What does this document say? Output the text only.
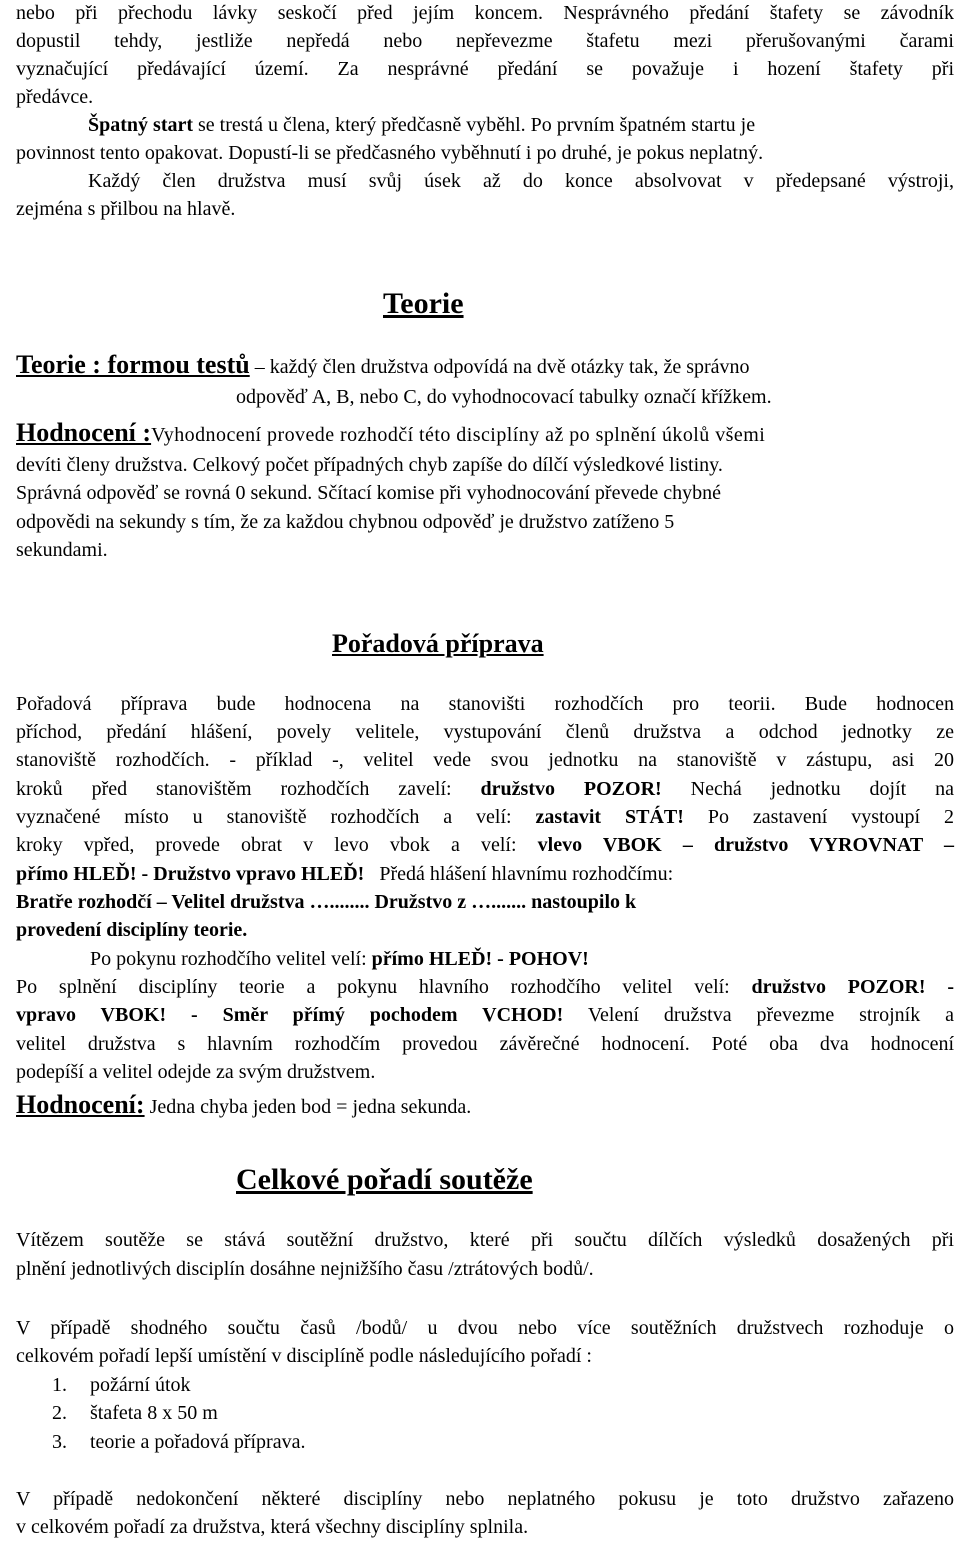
nebo při přechodu lávky seskočí před jejím koncem. Nesprávného předání štafety se závodník
dopustil tehdy, jestliže nepředá nebo nepřevezme štafetu mezi přerušovanými čarami
vyznačující předávající území. Za nesprávné předání se považuje i hození štafety při
předávce.
Špatný start se trestá u člena, který předčasně vyběhl. Po prvním špatném startu je
povinnost tento opakovat. Dopustí-li se předčasného vyběhnutí i po druhé, je pokus neplatný.
Každý člen družstva musí svůj úsek až do konce absolvovat v předepsané výstroji,
zejména s přilbou na hlavě.
Teorie
Teorie : formou testů – každý člen družstva odpovídá na dvě otázky tak, že správno
odpověď A, B, nebo C, do vyhodnocovací tabulky označí křížkem.
Hodnocení :Vyhodnocení provede rozhodčí této disciplíny až po splnění úkolů všemi
devíti členy družstva. Celkový počet případných chyb zapíše do dílčí výsledkové listiny.
Správná odpověď se rovná 0 sekund. Sčítací komise při vyhodnocování převede chybné
odpovědi na sekundy s tím, že za každou chybnou odpověď je družstvo zatíženo 5
sekundami.
Pořadová příprava
Pořadová příprava bude hodnocena na stanovišti rozhodčích pro teorii. Bude hodnocen
příchod, předání hlášení, povely velitele, vystupování členů družstva a odchod jednotky ze
stanoviště rozhodčích. - příklad -, velitel vede svou jednotku na stanoviště v zástupu, asi 20
kroků před stanovištěm rozhodčích zavelí: družstvo POZOR! Nechá jednotku dojít na
vyznačené místo u stanoviště rozhodčích a velí: zastavit STÁT! Po zastavení vystoupí 2
kroky vpřed, provede obrat v levo vbok a velí: vlevo VBOK – družstvo VYROVNAT –
přímo HLEĎ! - Družstvo vpravo HLEĎ!   Předá hlášení hlavnímu rozhodčímu:
Bratře rozhodčí – Velitel družstva …........ Družstvo z …....... nastoupilo k
provedení disciplíny teorie.
Po pokynu rozhodčího velitel velí: přímo HLEĎ! - POHOV!
Po splnění disciplíny teorie a pokynu hlavního rozhodčího velitel velí: družstvo POZOR! -
vpravo VBOK! - Směr přímý pochodem VCHOD! Velení družstva převezme strojník a
velitel družstva s hlavním rozhodčím provedou závěrečné hodnocení. Poté oba dva hodnocení
podepíší a velitel odejde za svým družstvem.
Hodnocení: Jedna chyba jeden bod = jedna sekunda.
Celkové pořadí soutěže
Vítězem soutěže se stává soutěžní družstvo, které při součtu dílčích výsledků dosažených při
plnění jednotlivých disciplín dosáhne nejnižšího času /ztrátových bodů/.
V případě shodného součtu časů /bodů/ u dvou nebo více soutěžních družstvech rozhoduje o
celkovém pořadí lepší umístění v disciplíně podle následujícího pořadí :
1. požární útok
2. štafeta 8 x 50 m
3. teorie a pořadová příprava.
V případě nedokončení některé disciplíny nebo neplatného pokusu je toto družstvo zařazeno
v celkovém pořadí za družstva, která všechny disciplíny splnila.
